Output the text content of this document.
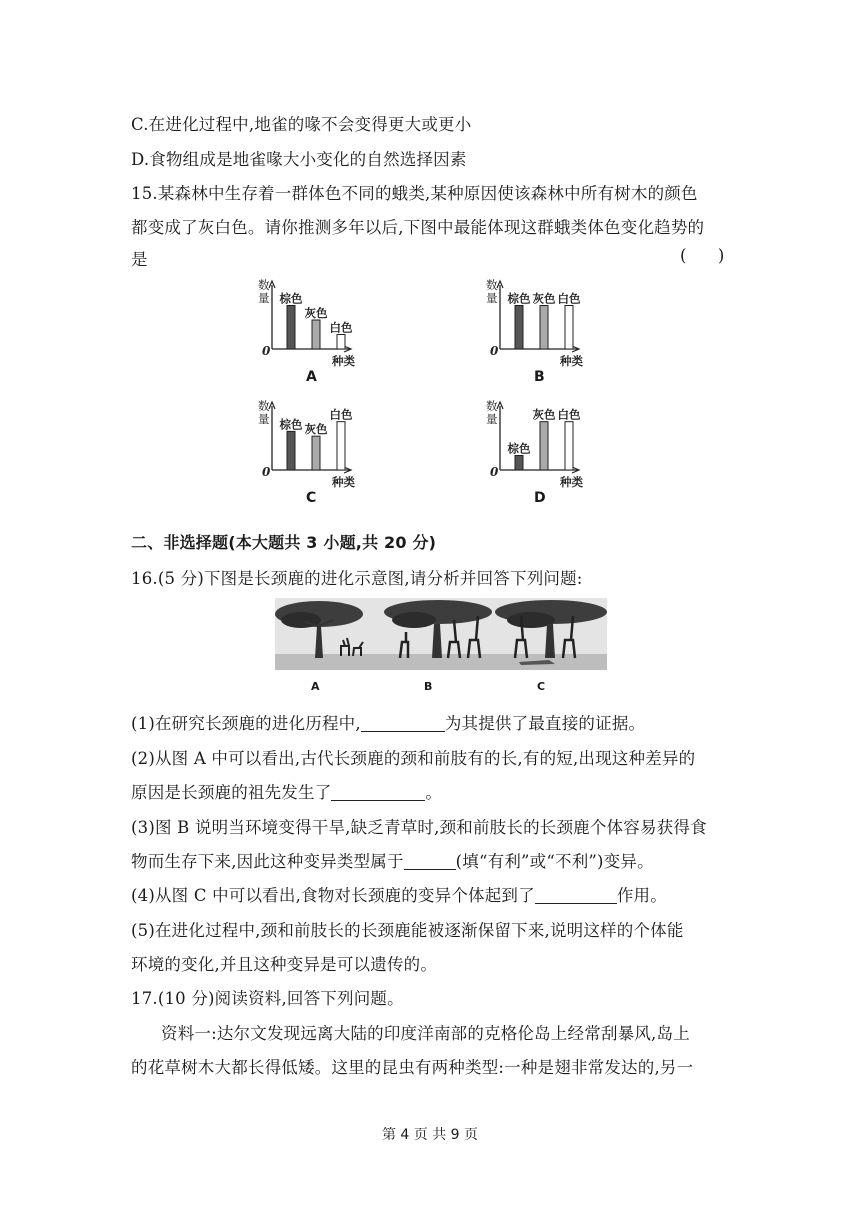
C.在进化过程中,地雀的喙不会变得更大或更小
D.食物组成是地雀喙大小变化的自然选择因素
15.某森林中生存着一群体色不同的蛾类,某种原因使该森林中所有树木的颜色
都变成了灰白色。请你推测多年以后,下图中最能体现这群蛾类体色变化趋势的
是	(      )
0
数
量
种类
棕色
灰色
白色
A
0
数
量
种类
棕色 灰色 白色
B
0
数
量
种类
棕色 灰色
白色
C
0
数
量
种类
棕色
灰色 白色
D
二、非选择题(本大题共 3 小题,共 20 分)
16.(5 分)下图是长颈鹿的进化示意图,请分析并回答下列问题:
A	B	C
(1)在研究长颈鹿的进化历程中,	为其提供了最直接的证据。
(2)从图 A 中可以看出,古代长颈鹿的颈和前肢有的长,有的短,出现这种差异的
原因是长颈鹿的祖先发生了	。
(3)图 B 说明当环境变得干旱,缺乏青草时,颈和前肢长的长颈鹿个体容易获得食
物而生存下来,因此这种变异类型属于	(填“有利”或“不利”)变异。
(4)从图 C 中可以看出,食物对长颈鹿的变异个体起到了	作用。
(5)在进化过程中,颈和前肢长的长颈鹿能被逐渐保留下来,说明这样的个体能
环境的变化,并且这种变异是可以遗传的。
17.(10 分)阅读资料,回答下列问题。
资料一:达尔文发现远离大陆的印度洋南部的克格伦岛上经常刮暴风,岛上
的花草树木大都长得低矮。这里的昆虫有两种类型:一种是翅非常发达的,另一
第 4 页 共 9 页
